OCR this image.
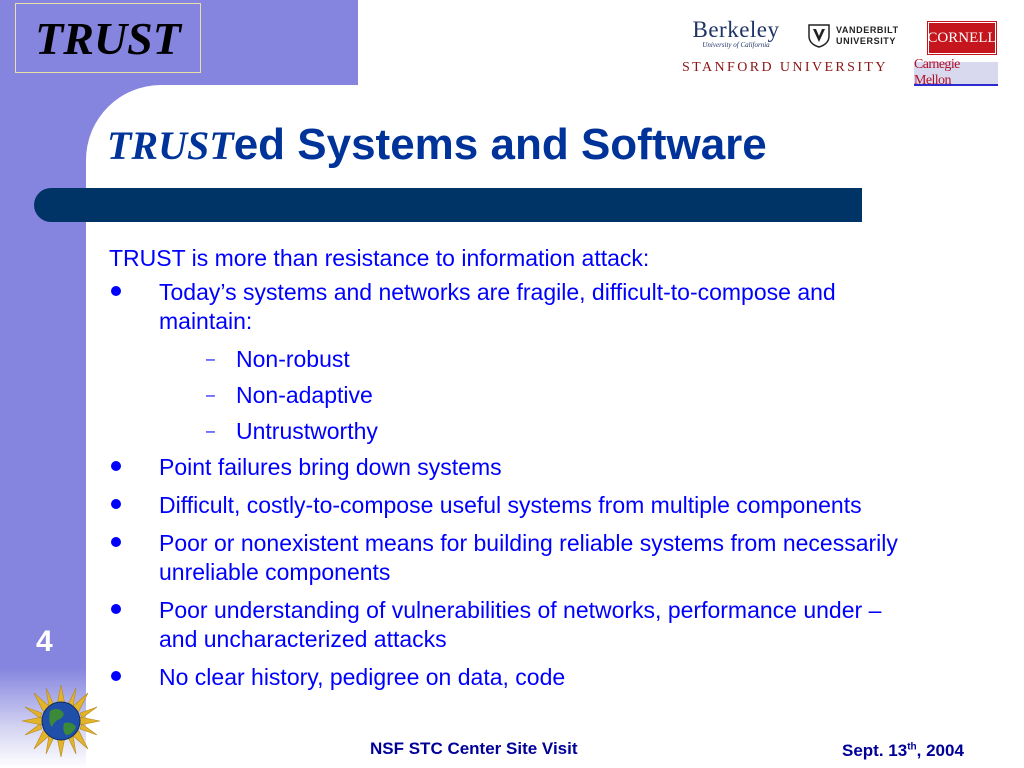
TRUST	Berkeley
University of California
VANDERBILT
UNIVERSITY CORNELL
STANFORD UNIVERSITY Carnegie Mellon
TRUSTed Systems and Software
TRUST is more than resistance to information attack:
Today’s systems and networks are fragile, difficult-to-compose and maintain:
– Non-robust
– Non-adaptive
– Untrustworthy
Point failures bring down systems
Difficult, costly-to-compose useful systems from multiple components
Poor or nonexistent means for building reliable systems from necessarily unreliable components
Poor understanding of vulnerabilities of networks, performance under – and uncharacterized attacks
No clear history, pedigree on data, code
4
NSF STC Center Site Visit	Sept. 13th, 2004
